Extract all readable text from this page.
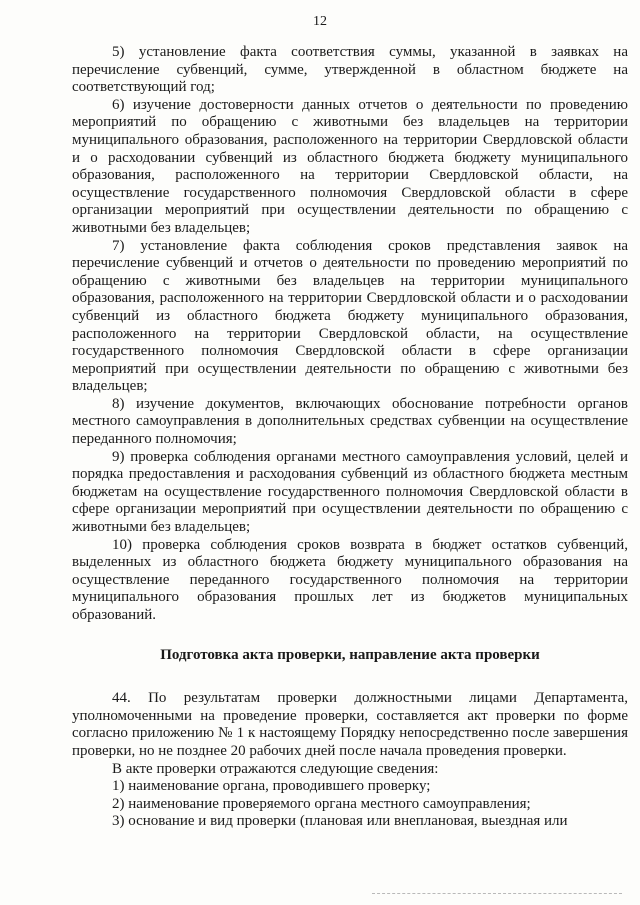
12

5) установление факта соответствия суммы, указанной в заявках на перечисление субвенций, сумме, утвержденной в областном бюджете на соответствующий год;

6) изучение достоверности данных отчетов о деятельности по проведению мероприятий по обращению с животными без владельцев на территории муниципального образования, расположенного на территории Свердловской области и о расходовании субвенций из областного бюджета бюджету муниципального образования, расположенного на территории Свердловской области, на осуществление государственного полномочия Свердловской области в сфере организации мероприятий при осуществлении деятельности по обращению с животными без владельцев;

7) установление факта соблюдения сроков представления заявок на перечисление субвенций и отчетов о деятельности по проведению мероприятий по обращению с животными без владельцев на территории муниципального образования, расположенного на территории Свердловской области и о расходовании субвенций из областного бюджета бюджету муниципального образования, расположенного на территории Свердловской области, на осуществление государственного полномочия Свердловской области в сфере организации мероприятий при осуществлении деятельности по обращению с животными без владельцев;

8) изучение документов, включающих обоснование потребности органов местного самоуправления в дополнительных средствах субвенции на осуществление переданного полномочия;

9) проверка соблюдения органами местного самоуправления условий, целей и порядка предоставления и расходования субвенций из областного бюджета местным бюджетам на осуществление государственного полномочия Свердловской области в сфере организации мероприятий при осуществлении деятельности по обращению с животными без владельцев;

10) проверка соблюдения сроков возврата в бюджет остатков субвенций, выделенных из областного бюджета бюджету муниципального образования на осуществление переданного государственного полномочия на территории муниципального образования прошлых лет из бюджетов муниципальных образований.

Подготовка акта проверки, направление акта проверки

44. По результатам проверки должностными лицами Департамента, уполномоченными на проведение проверки, составляется акт проверки по форме согласно приложению № 1 к настоящему Порядку непосредственно после завершения проверки, но не позднее 20 рабочих дней после начала проведения проверки.

В акте проверки отражаются следующие сведения:

1) наименование органа, проводившего проверку;

2) наименование проверяемого органа местного самоуправления;

3) основание и вид проверки (плановая или внеплановая, выездная или
